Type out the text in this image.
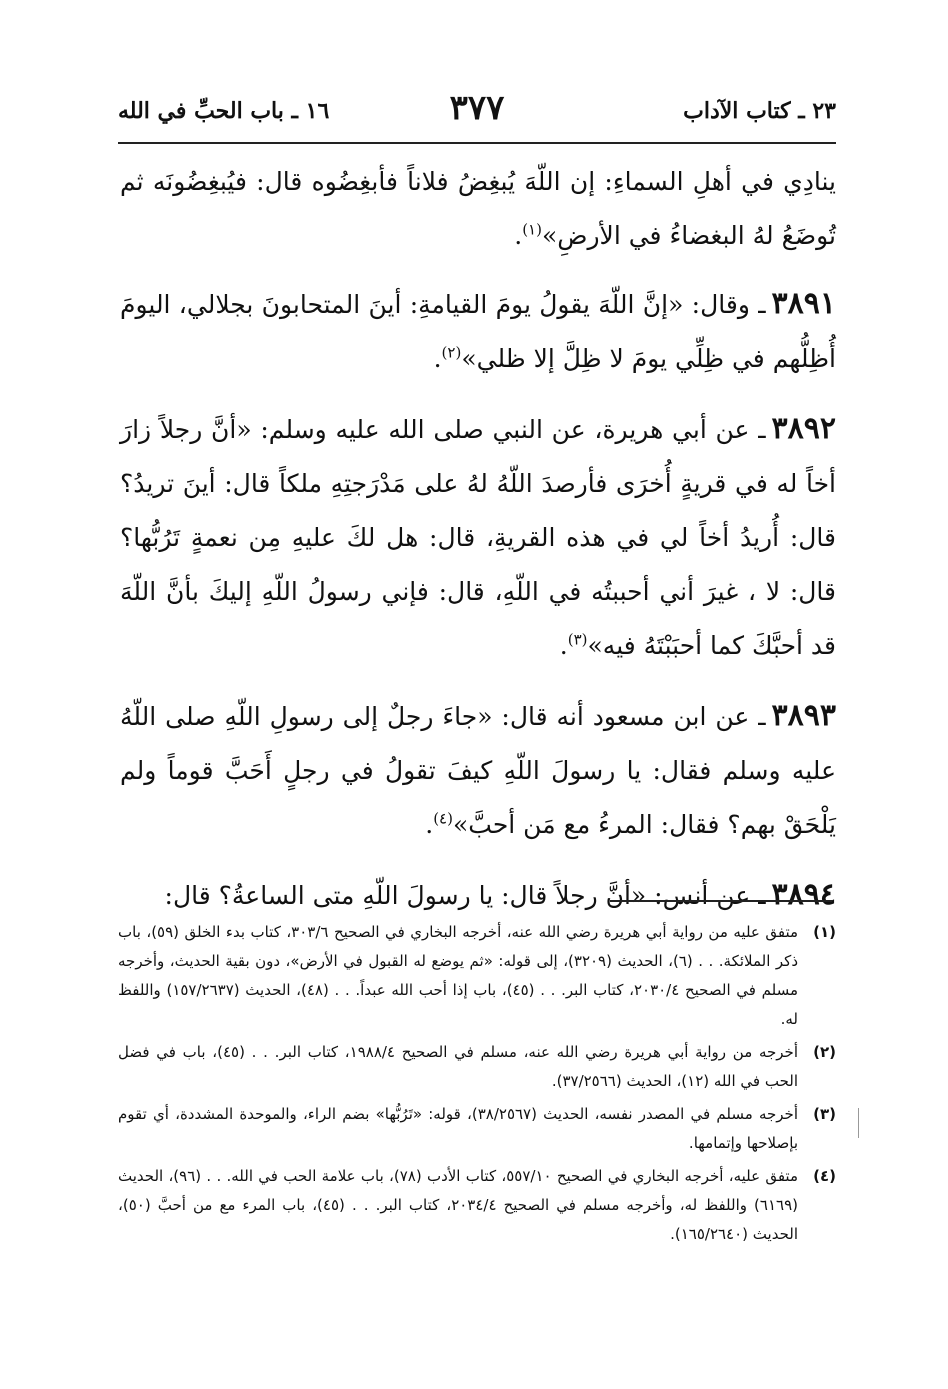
٢٣ ـ كتاب الآداب
٣٧٧
١٦ ـ باب الحبِّ في الله

ينادِي في أهلِ السماءِ: إن اللّهَ يُبغِضُ فلاناً فأبغِضُوه قال: فيُبغِضُونَه ثم تُوضَعُ لهُ البغضاءُ في الأرضِ»$^{(١)}$.

٣٨٩١ـ وقال: «إنَّ اللّهَ يقولُ يومَ القيامةِ: أينَ المتحابونَ بجلالي، اليومَ أُظِلُّهم في ظِلِّي يومَ لا ظِلَّ إلا ظلي»$^{(٢)}$.

٣٨٩٢ـ عن أبي هريرة، عن النبي صلى الله عليه وسلم: «أنَّ رجلاً زارَ أخاً له في قريةٍ أُخرَى فأرصدَ اللّهُ لهُ على مَدْرَجتِهِ ملكاً قال: أينَ تريدُ؟ قال: أُريدُ أخاً لي في هذه القريةِ، قال: هل لكَ عليهِ مِن نعمةٍ تَرُبُّها؟ قال: لا ، غيرَ أني أحببتُه في اللّهِ، قال: فإني رسولُ اللّهِ إليكَ بأنَّ اللّهَ قد أحبَّكَ كما أحبَبْتَهُ فيه»$^{(٣)}$.

٣٨٩٣ـ عن ابن مسعود أنه قال: «جاءَ رجلٌ إلى رسولِ اللّهِ صلى اللّهُ عليه وسلم فقال: يا رسولَ اللّهِ كيفَ تقولُ في رجلٍ أَحَبَّ قوماً ولم يَلْحَقْ بهم؟ فقال: المرءُ مع مَن أحبَّ»$^{(٤)}$.

٣٨٩٤ـ عن أنس: «أنَّ رجلاً قال: يا رسولَ اللّهِ متى الساعةُ؟ قال:

(١)
متفق عليه من رواية أبي هريرة رضي الله عنه، أخرجه البخاري في الصحيح ٣٠٣/٦، كتاب بدء الخلق (٥٩)، باب ذكر الملائكة. . . (٦)، الحديث (٣٢٠٩)، إلى قوله: «ثم يوضع له القبول في الأرض»، دون بقية الحديث، وأخرجه مسلم في الصحيح ٢٠٣٠/٤، كتاب البر. . . (٤٥)، باب إذا أحب الله عبداً. . . (٤٨)، الحديث (١٥٧/٢٦٣٧) واللفظ له.

(٢)
أخرجه من رواية أبي هريرة رضي الله عنه، مسلم في الصحيح ١٩٨٨/٤، كتاب البر. . . (٤٥)، باب في فضل الحب في الله (١٢)، الحديث (٣٧/٢٥٦٦).

(٣)
أخرجه مسلم في المصدر نفسه، الحديث (٣٨/٢٥٦٧)، قوله: «تَرُبُّها» بضم الراء، والموحدة المشددة، أي تقوم بإصلاحها وإتمامها.

(٤)
متفق عليه، أخرجه البخاري في الصحيح ٥٥٧/١٠، كتاب الأدب (٧٨)، باب علامة الحب في الله. . . (٩٦)، الحديث (٦١٦٩) واللفظ له، وأخرجه مسلم في الصحيح ٢٠٣٤/٤، كتاب البر. . . (٤٥)، باب المرء مع من أحبَّ (٥٠)، الحديث (١٦٥/٢٦٤٠).
